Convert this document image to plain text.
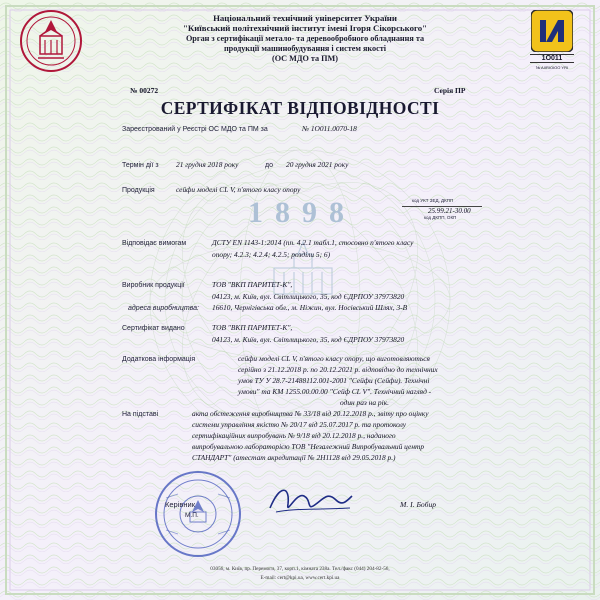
Національний технічний університет України
"Київський політехнічний інститут імені Ігоря Сікорського"
Орган з сертифікації метало- та деревообробного обладнання та
продукції машинобудування і систем якості
(ОС МДО та ПМ)	1O011
№ AIIRIOIOO YRI
№ 00272	Серія ПР
СЕРТИФІКАТ ВІДПОВІДНОСТІ
Зареєстрований у Реєстрі ОС МДО та ПМ за	№ 1O011.0070-18
Термін дії з 21 грудня 2018 року	до 20 грудня 2021 року
Продукція	сейфи моделі CL V, п'ятого класу опору
код УКТ ЗЕД, ДКПП
25.99.21-30.00
код ДКПП, ОКП
1898
Відповідає вимогам	ДСТУ EN 1143-1:2014 (пп. 4.2.1 табл.1, стосовно п'ятого класу
опору; 4.2.3; 4.2.4; 4.2.5; розділи 5; 6)
Виробник продукції	ТОВ "ВКП ПАРИТЕТ-К",
04123, м. Київ, вул. Світлицького, 35, код ЄДРПОУ 37973820
адреса виробництва: 16610, Чернігівська обл., м. Ніжин, вул. Носівський Шлях, 3-В
Сертифікат видано	ТОВ "ВКП ПАРИТЕТ-К",
04123, м. Київ, вул. Світлицького, 35, код ЄДРПОУ 37973820
Додаткова інформація	сейфи моделі CL V, п'ятого класу опору, що виготовляються
серійно з 21.12.2018 р. по 20.12.2021 р. відповідно до технічних
умов ТУ У 28.7-21488112.001-2001 "Сейфи (Сейфи). Технічні
умови" та КМ 1255.00.00.00 "Сейф CL V". Технічний нагляд -
один раз на рік.
На підставі	акта обстеження виробництва № 33/18 від 20.12.2018 р., звіту про оцінку
системи управління якістю № 20/17 від 25.07.2017 р. та протоколу
сертифікаційних випробувань № 9/18 від 20.12.2018 р., наданого
випробувальною лабораторією ТОВ "Незалежний Випробувальний центр
СТАНДАРТ" (атестат акредитації № 2Н1128 від 29.05.2018 р.)
Керівник
М.П.
М. І. Бобир
03056, м. Київ, пр. Перемоги, 37, корп.1, кімната 238а. Тел./факс (044) 204-82-56,
E-mail: cert@kpi.ua, www.cert.kpi.ua
